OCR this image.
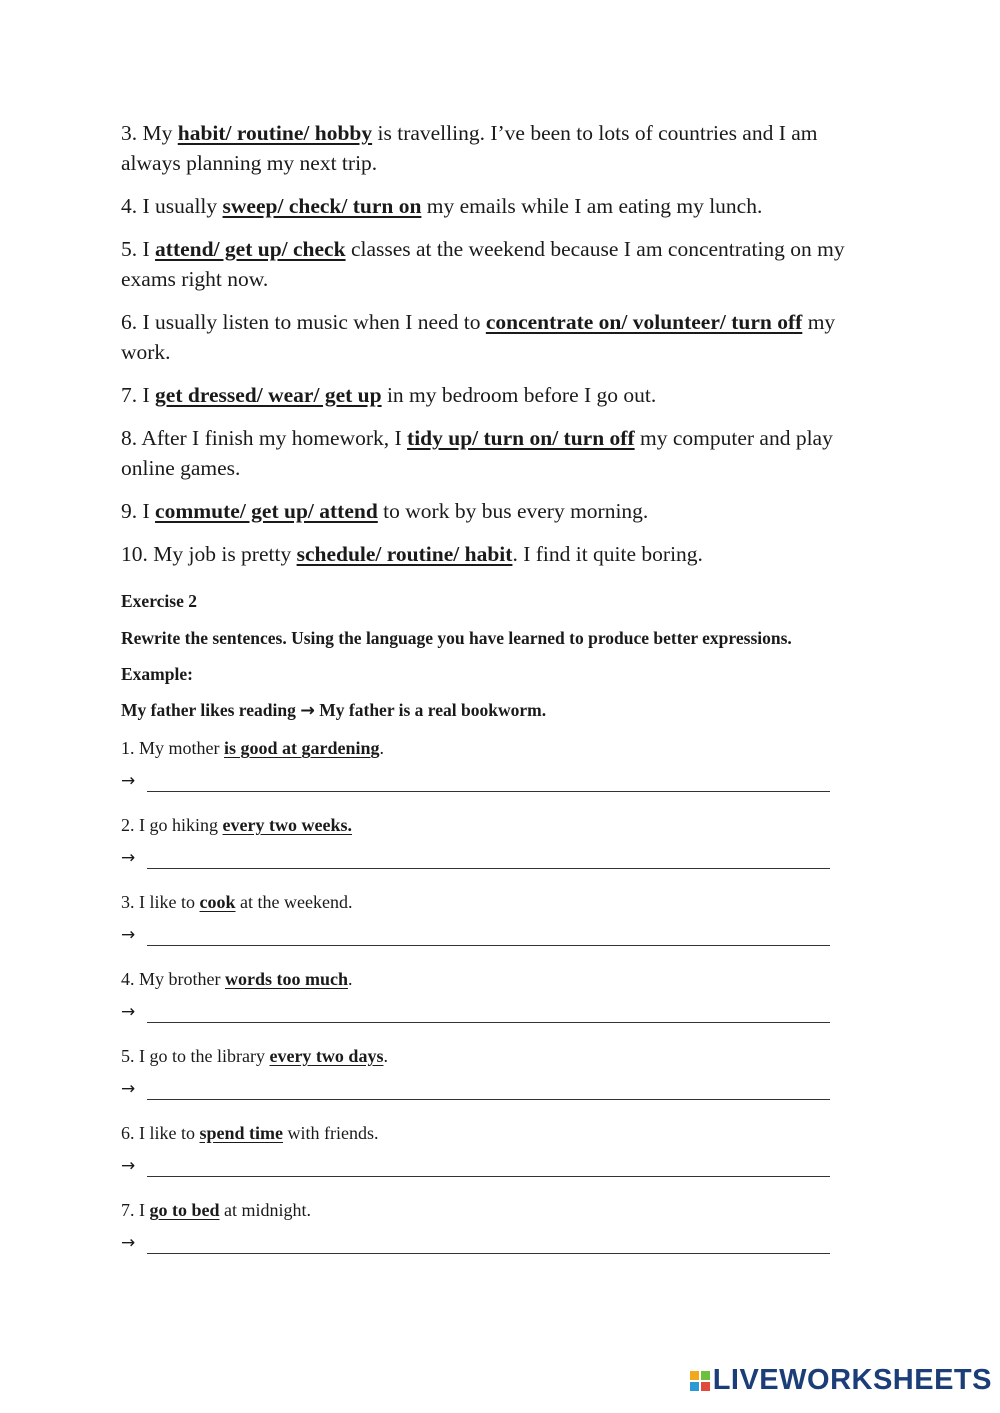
3. My habit/ routine/ hobby is travelling. I’ve been to lots of countries and I am always planning my next trip.

4. I usually sweep/ check/ turn on my emails while I am eating my lunch.

5. I attend/ get up/ check classes at the weekend because I am concentrating on my exams right now.

6. I usually listen to music when I need to concentrate on/ volunteer/ turn off my work.

7. I get dressed/ wear/ get up in my bedroom before I go out.

8. After I finish my homework, I tidy up/ turn on/ turn off my computer and play online games.

9. I commute/ get up/ attend to work by bus every morning.

10. My job is pretty schedule/ routine/ habit. I find it quite boring.

Exercise 2
Rewrite the sentences. Using the language you have learned to produce better expressions.
Example:
My father likes reading → My father is a real bookworm.
1. My mother is good at gardening.
→
2. I go hiking every two weeks.
→
3. I like to cook at the weekend.
→
4. My brother words too much.
→
5. I go to the library every two days.
→
6. I like to spend time with friends.
→
7. I go to bed at midnight.
→
LIVEWORKSHEETS
